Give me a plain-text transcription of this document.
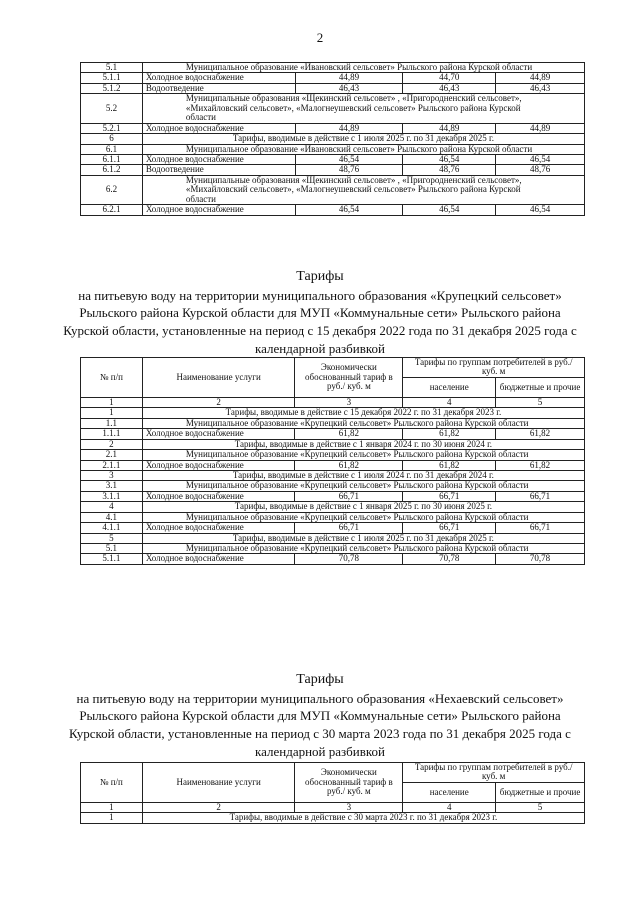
2
5.1	Муниципальное образование «Ивановский сельсовет» Рыльского района Курской области			

5.1.1	Холодное водоснабжение	44,89	44,70	44,89
5.1.2	Водоотведение	46,43	46,43	46,43
5.2	Муниципальные образования «Щекинский сельсовет» , «Пригородненский сельсовет», «Михайловский сельсовет», «Малогнеушевский сельсовет» Рыльского района Курской области			

5.2.1	Холодное водоснабжение	44,89	44,89	44,89
6	Тарифы, вводимые в действие с 1 июля 2025 г. по 31 декабря 2025 г.			
6.1	Муниципальное образование «Ивановский сельсовет» Рыльского района Курской области			

6.1.1	Холодное водоснабжение	46,54	46,54	46,54
6.1.2	Водоотведение	48,76	48,76	48,76
6.2	Муниципальные образования «Щекинский сельсовет» , «Пригородненский сельсовет», «Михайловский сельсовет», «Малогнеушевский сельсовет» Рыльского района Курской области			

6.2.1	Холодное водоснабжение	46,54	46,54	46,54
Тарифы
на питьевую воду на территории муниципального образования «Крупецкий сельсовет» Рыльского района Курской области для МУП «Коммунальные сети» Рыльского района Курской области, установленные на период с 15 декабря 2022 года по 31 декабря 2025 года с календарной разбивкой
№ п/п	Наименование услуги	Экономически обоснованный тариф в руб./ куб. м	Тарифы по группам потребителей в руб./ куб. м	
			население	бюджетные и прочие
1	2	3	4	5
1	Тарифы, вводимые в действие с 15 декабря 2022 г. по 31 декабря 2023 г.			
1.1	Муниципальное образование «Крупецкий сельсовет» Рыльского района Курской области			

1.1.1	Холодное водоснабжение	61,82	61,82	61,82
2	Тарифы, вводимые в действие с 1 января 2024 г. по 30 июня 2024 г.			
2.1	Муниципальное образование «Крупецкий сельсовет» Рыльского района Курской области			

2.1.1	Холодное водоснабжение	61,82	61,82	61,82
3	Тарифы, вводимые в действие с 1 июля 2024 г. по 31 декабря 2024 г.			
3.1	Муниципальное образование «Крупецкий сельсовет» Рыльского района Курской области			

3.1.1	Холодное водоснабжение	66,71	66,71	66,71
4	Тарифы, вводимые в действие с 1 января 2025 г. по 30 июня 2025 г.			
4.1	Муниципальное образование «Крупецкий сельсовет» Рыльского района Курской области			

4.1.1	Холодное водоснабжение	66,71	66,71	66,71
5	Тарифы, вводимые в действие с 1 июля 2025 г. по 31 декабря 2025 г.			
5.1	Муниципальное образование «Крупецкий сельсовет» Рыльского района Курской области			

5.1.1	Холодное водоснабжение	70,78	70,78	70,78
Тарифы
на питьевую воду на территории муниципального образования «Нехаевский сельсовет» Рыльского района Курской области для МУП «Коммунальные сети» Рыльского района Курской области, установленные на период с 30 марта 2023 года по 31 декабря 2025 года с календарной разбивкой
№ п/п	Наименование услуги	Экономически обоснованный тариф в руб./ куб. м	Тарифы по группам потребителей в руб./ куб. м	
			население	бюджетные и прочие
1	2	3	4	5
1	Тарифы, вводимые в действие с 30 марта 2023 г. по 31 декабря 2023 г.			
